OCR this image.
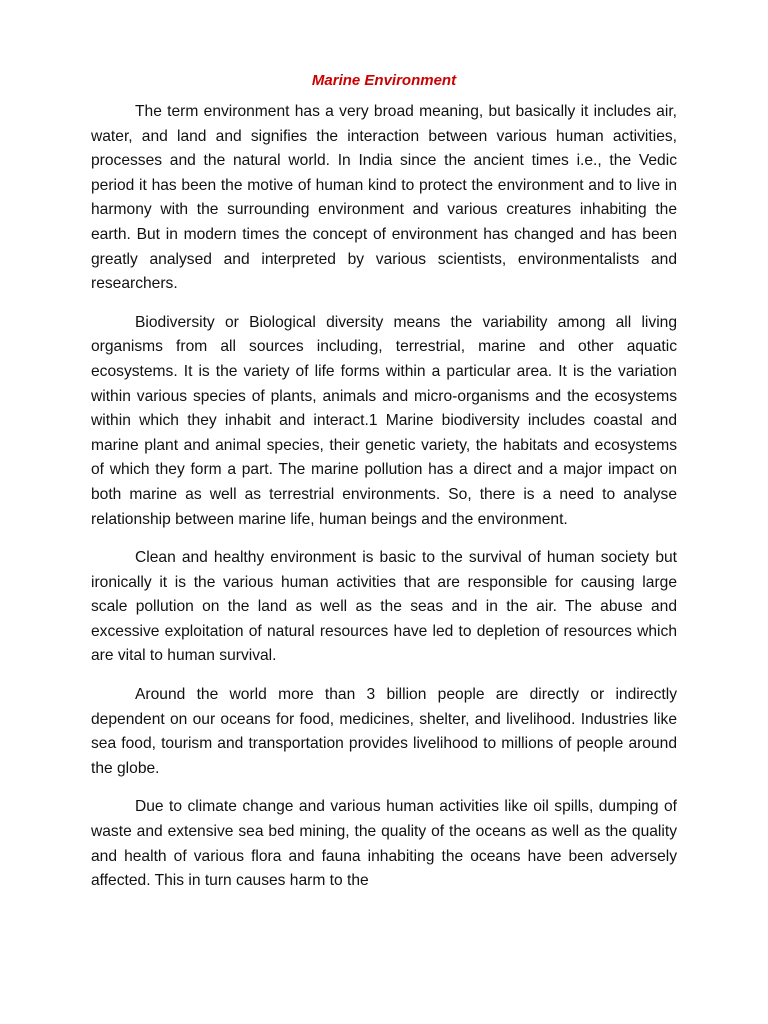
Marine Environment

The term environment has a very broad meaning, but basically it includes air, water, and land and signifies the interaction between various human activities, processes and the natural world. In India since the ancient times i.e., the Vedic period it has been the motive of human kind to protect the environment and to live in harmony with the surrounding environment and various creatures inhabiting the earth. But in modern times the concept of environment has changed and has been greatly analysed and interpreted by various scientists, environmentalists and researchers.

Biodiversity or Biological diversity means the variability among all living organisms from all sources including, terrestrial, marine and other aquatic ecosystems. It is the variety of life forms within a particular area. It is the variation within various species of plants, animals and micro-organisms and the ecosystems within which they inhabit and interact.1 Marine biodiversity includes coastal and marine plant and animal species, their genetic variety, the habitats and ecosystems of which they form a part. The marine pollution has a direct and a major impact on both marine as well as terrestrial environments. So, there is a need to analyse relationship between marine life, human beings and the environment.

Clean and healthy environment is basic to the survival of human society but ironically it is the various human activities that are responsible for causing large scale pollution on the land as well as the seas and in the air. The abuse and excessive exploitation of natural resources have led to depletion of resources which are vital to human survival.

Around the world more than 3 billion people are directly or indirectly dependent on our oceans for food, medicines, shelter, and livelihood. Industries like sea food, tourism and transportation provides livelihood to millions of people around the globe.

Due to climate change and various human activities like oil spills, dumping of waste and extensive sea bed mining, the quality of the oceans as well as the quality and health of various flora and fauna inhabiting the oceans have been adversely affected. This in turn causes harm to the
